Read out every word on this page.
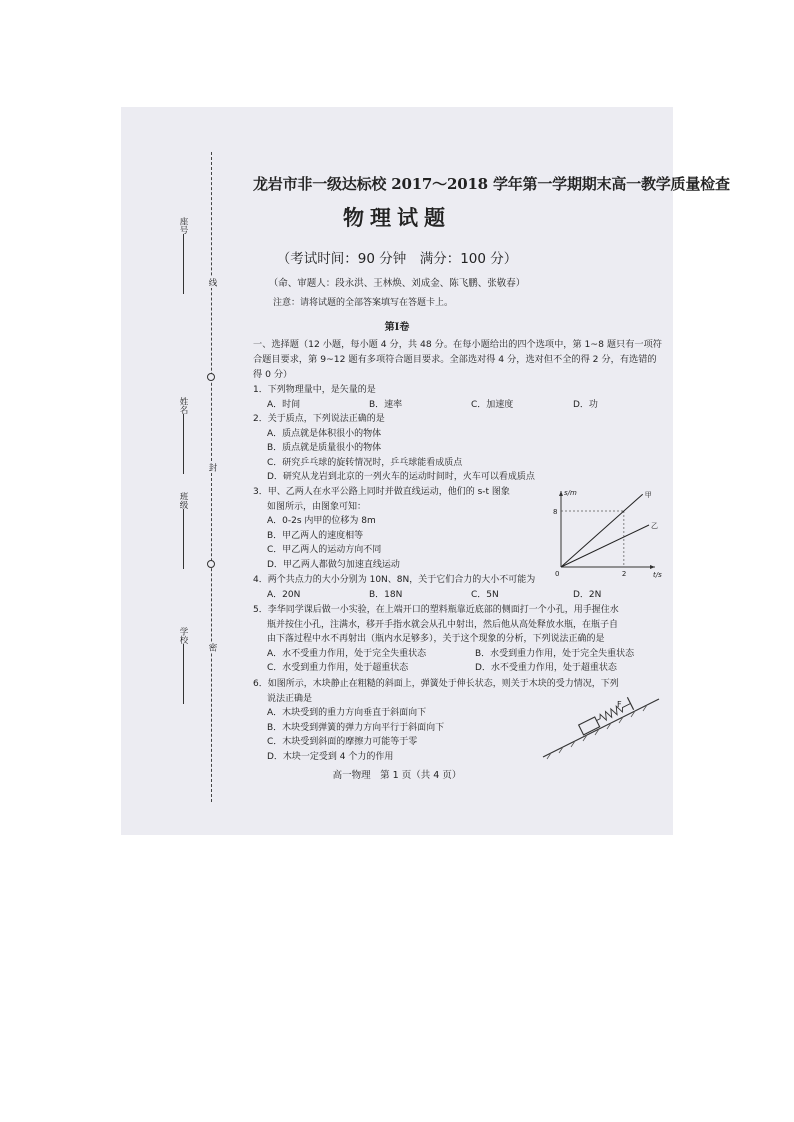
座号
线
姓名
封
班级
学校
密
龙岩市非一级达标校 2017～2018 学年第一学期期末高一教学质量检查
物理试题
（考试时间：90 分钟　满分：100 分）
（命、审题人：段永洪、王林焕、刘成金、陈飞鹏、张敬春）
注意：请将试题的全部答案填写在答题卡上。
第Ⅰ卷
一、选择题（12 小题，每小题 4 分，共 48 分。在每小题给出的四个选项中，第 1~8 题只有一项符合题目要求，第 9~12 题有多项符合题目要求。全部选对得 4 分，选对但不全的得 2 分，有选错的得 0 分）
1．下列物理量中，是矢量的是
A．时间	B．速率	C．加速度	D．功
2．关于质点，下列说法正确的是
A．质点就是体积很小的物体
B．质点就是质量很小的物体
C．研究乒乓球的旋转情况时，乒乓球能看成质点
D．研究从龙岩到北京的一列火车的运动时间时，火车可以看成质点
3．甲、乙两人在水平公路上同时并做直线运动，他们的 s-t 图象
如图所示，由图象可知：
A．0-2s 内甲的位移为 8m
B．甲乙两人的速度相等
C．甲乙两人的运动方向不同
D．甲乙两人都做匀加速直线运动
t/s
s/m
0	2
8
甲
乙
4．两个共点力的大小分别为 10N、8N，关于它们合力的大小不可能为
A．20N	B．18N	C．5N	D．2N
5．李华同学课后做一小实验，在上端开口的塑料瓶靠近底部的侧面打一个小孔，用手握住水
瓶并按住小孔，注满水，移开手指水就会从孔中射出，然后他从高处释放水瓶，在瓶子自
由下落过程中水不再射出（瓶内水足够多），关于这个现象的分析，下列说法正确的是
A．水不受重力作用，处于完全失重状态	B．水受到重力作用，处于完全失重状态
C．水受到重力作用，处于超重状态	D．水不受重力作用，处于超重状态
6．如图所示，木块静止在粗糙的斜面上，弹簧处于伸长状态，则关于木块的受力情况，下列
说法正确是
A．木块受到的重力方向垂直于斜面向下
B．木块受到弹簧的弹力方向平行于斜面向下
C．木块受到斜面的摩擦力可能等于零
D．木块一定受到 4 个力的作用
F
高一物理　第 1 页（共 4 页）
